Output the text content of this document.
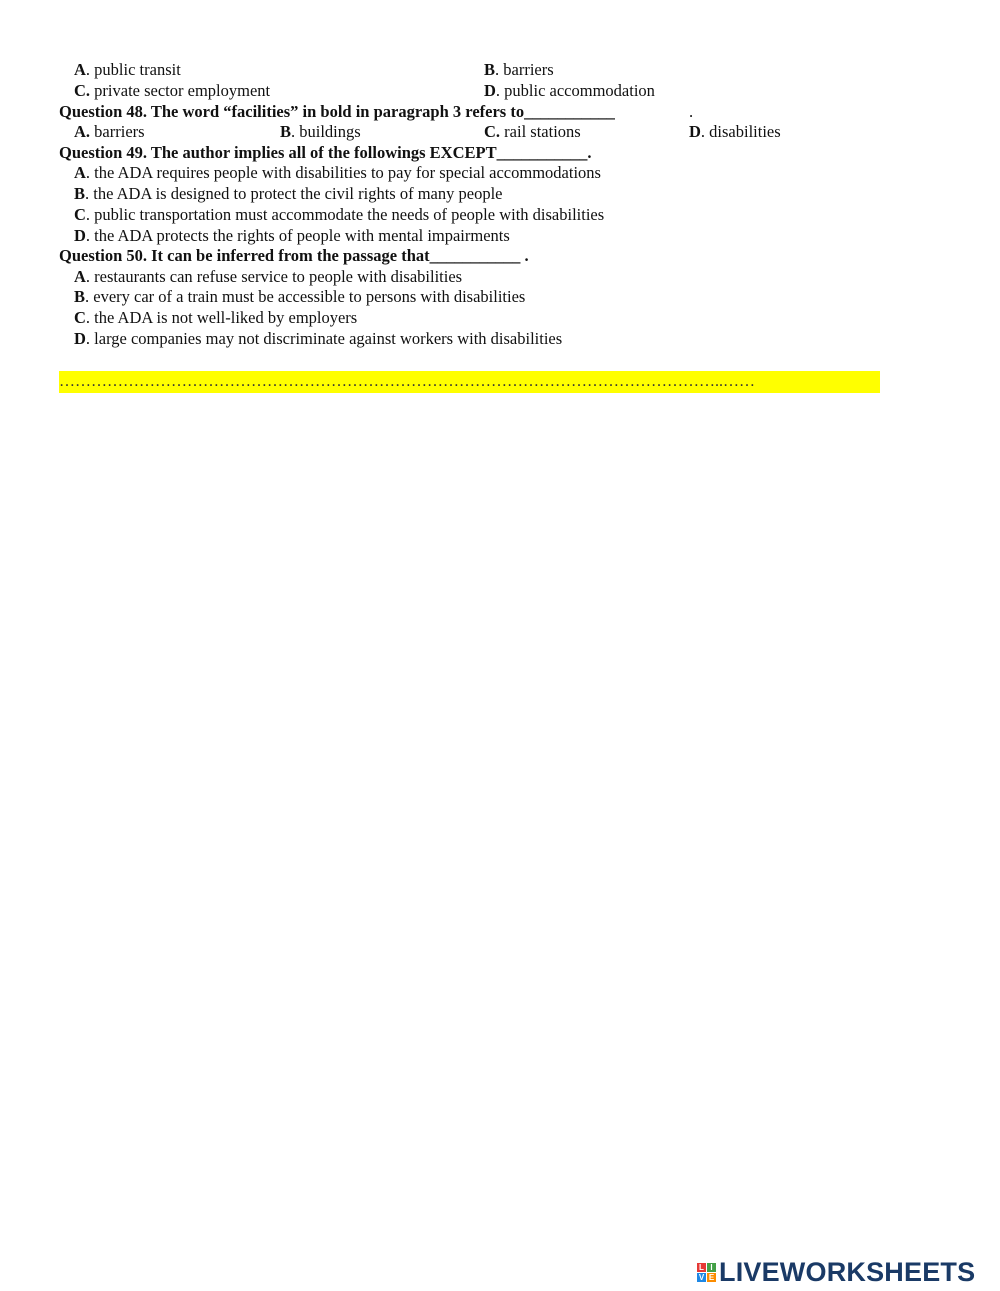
A. public transit	B. barriers
C. private sector employment	D. public accommodation
Question 48. The word “facilities” in bold in paragraph 3 refers to___________	.
A. barriers	B. buildings	C. rail stations	D. disabilities
Question 49. The author implies all of the followings EXCEPT___________.
A. the ADA requires people with disabilities to pay for special accommodations
B. the ADA is designed to protect the civil rights of many people
C. public transportation must accommodate the needs of people with disabilities
D. the ADA protects the rights of people with mental impairments
Question 50. It can be inferred from the passage that___________ .
A. restaurants can refuse service to people with disabilities
B. every car of a train must be accessible to persons with disabilities
C. the ADA is not well-liked by employers
D. large companies may not discriminate against workers with disabilities
……………………………………………………………………………………………………………..……
L I
V E LIVEWORKSHEETS
